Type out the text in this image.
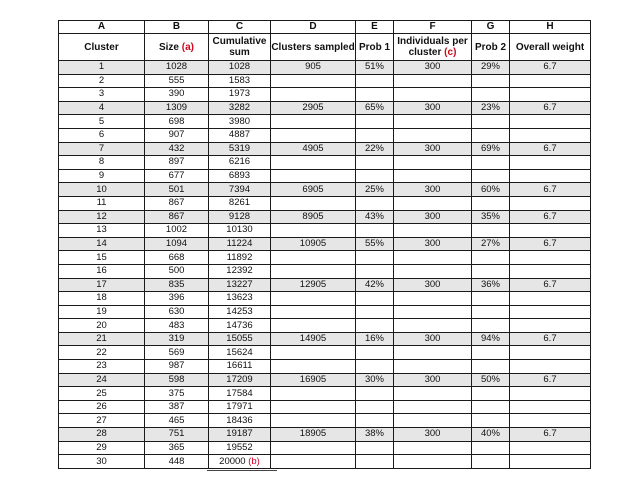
A	B	C	D	E	F	G	H
Cluster	Size (a)	Cumulative sum	Clusters sampled	Prob 1	Individuals per cluster (c)	Prob 2	Overall weight
1	1028	1028	905	51%	300	29%	6.7
2	555	1583					
3	390	1973					
4	1309	3282	2905	65%	300	23%	6.7
5	698	3980					
6	907	4887					
7	432	5319	4905	22%	300	69%	6.7
8	897	6216					
9	677	6893					
10	501	7394	6905	25%	300	60%	6.7
11	867	8261					
12	867	9128	8905	43%	300	35%	6.7
13	1002	10130					
14	1094	11224	10905	55%	300	27%	6.7
15	668	11892					
16	500	12392					
17	835	13227	12905	42%	300	36%	6.7
18	396	13623					
19	630	14253					
20	483	14736					
21	319	15055	14905	16%	300	94%	6.7
22	569	15624					
23	987	16611					
24	598	17209	16905	30%	300	50%	6.7
25	375	17584					
26	387	17971					
27	465	18436					
28	751	19187	18905	38%	300	40%	6.7
29	365	19552					
30	448	20000 (b)					
